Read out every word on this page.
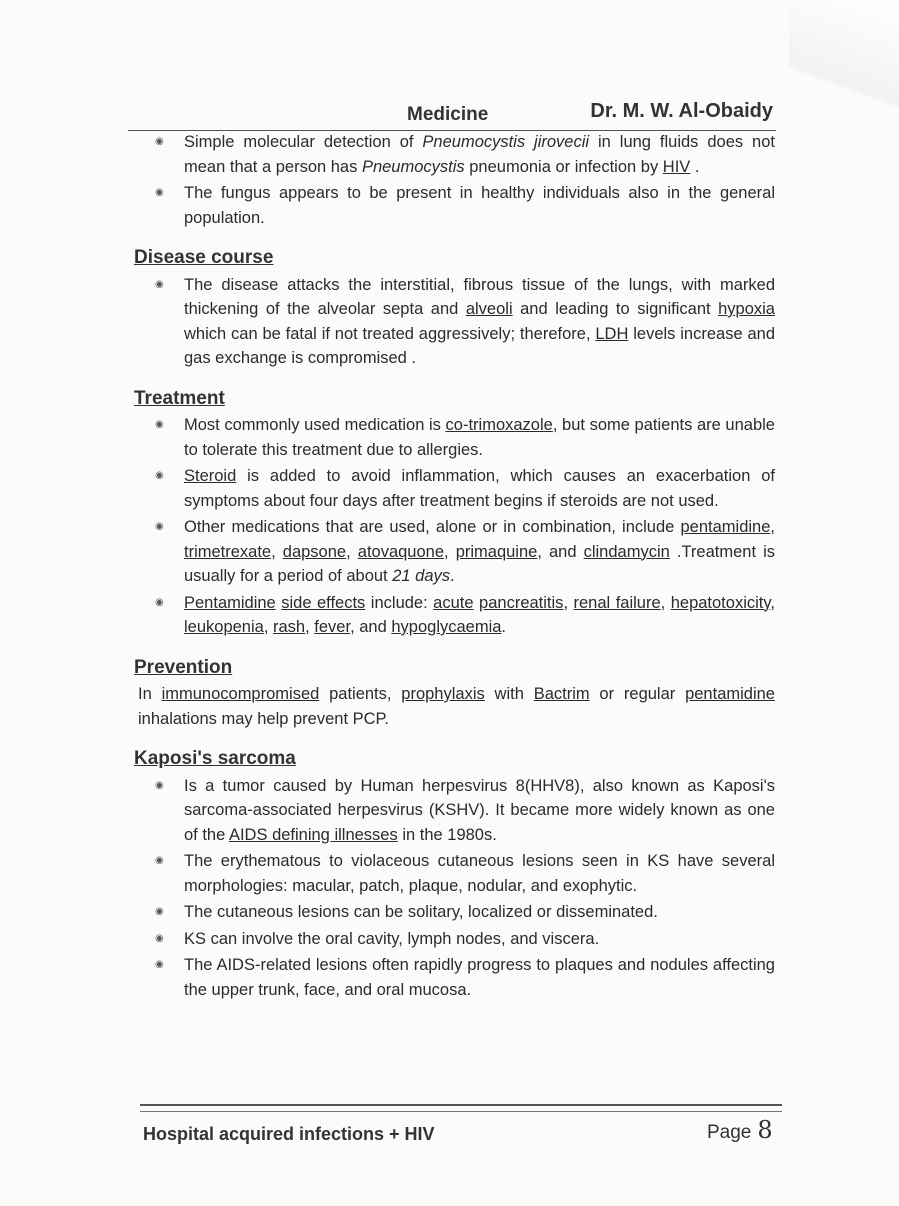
Medicine	Dr. M. W. Al-Obaidy
◉ Simple molecular detection of Pneumocystis jirovecii in lung fluids does not mean that a person has Pneumocystis pneumonia or infection by HIV .
◉ The fungus appears to be present in healthy individuals also in the general population.
Disease course
◉ The disease attacks the interstitial, fibrous tissue of the lungs, with marked thickening of the alveolar septa and alveoli and leading to significant hypoxia which can be fatal if not treated aggressively; therefore, LDH levels increase and gas exchange is compromised .
Treatment
◉ Most commonly used medication is co-trimoxazole, but some patients are unable to tolerate this treatment due to allergies.
◉ Steroid is added to avoid inflammation, which causes an exacerbation of symptoms about four days after treatment begins if steroids are not used.
◉ Other medications that are used, alone or in combination, include pentamidine, trimetrexate, dapsone, atovaquone, primaquine, and clindamycin .Treatment is usually for a period of about 21 days.
◉ Pentamidine side effects include: acute pancreatitis, renal failure, hepatotoxicity, leukopenia, rash, fever, and hypoglycaemia.
Prevention
In immunocompromised patients, prophylaxis with Bactrim or regular pentamidine inhalations may help prevent PCP.
Kaposi's sarcoma
◉ Is a tumor caused by Human herpesvirus 8(HHV8), also known as Kaposi's sarcoma-associated herpesvirus (KSHV). It became more widely known as one of the AIDS defining illnesses in the 1980s.
◉ The erythematous to violaceous cutaneous lesions seen in KS have several morphologies: macular, patch, plaque, nodular, and exophytic.
◉ The cutaneous lesions can be solitary, localized or disseminated.
◉ KS can involve the oral cavity, lymph nodes, and viscera.
◉ The AIDS-related lesions often rapidly progress to plaques and nodules affecting the upper trunk, face, and oral mucosa.
Hospital acquired infections + HIV	Page 8
